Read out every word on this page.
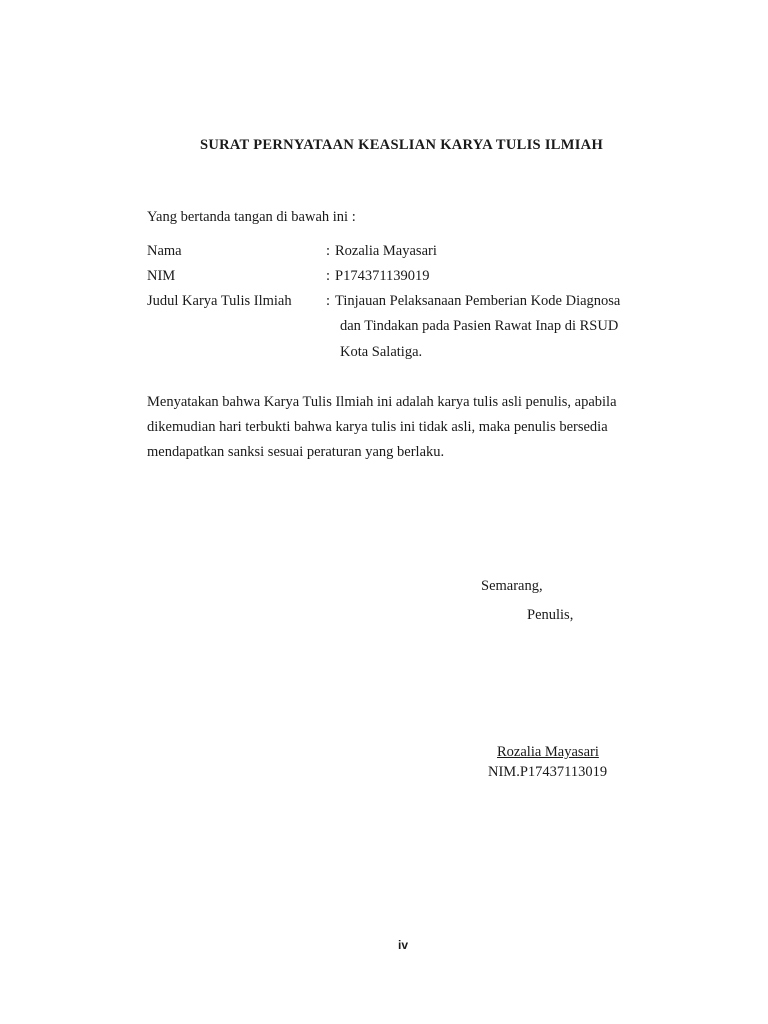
SURAT PERNYATAAN KEASLIAN KARYA TULIS ILMIAH
Yang bertanda tangan di bawah ini :
Nama	: Rozalia Mayasari
NIM	: P174371139019
Judul Karya Tulis Ilmiah : Tinjauan Pelaksanaan Pemberian Kode Diagnosa
dan Tindakan pada Pasien Rawat Inap di RSUD
Kota Salatiga.
Menyatakan bahwa Karya Tulis Ilmiah ini adalah karya tulis asli penulis, apabila
dikemudian hari terbukti bahwa karya tulis ini tidak asli, maka penulis bersedia
mendapatkan sanksi sesuai peraturan yang berlaku.
Semarang,
Penulis,
Rozalia Mayasari
NIM.P17437113019
iv
